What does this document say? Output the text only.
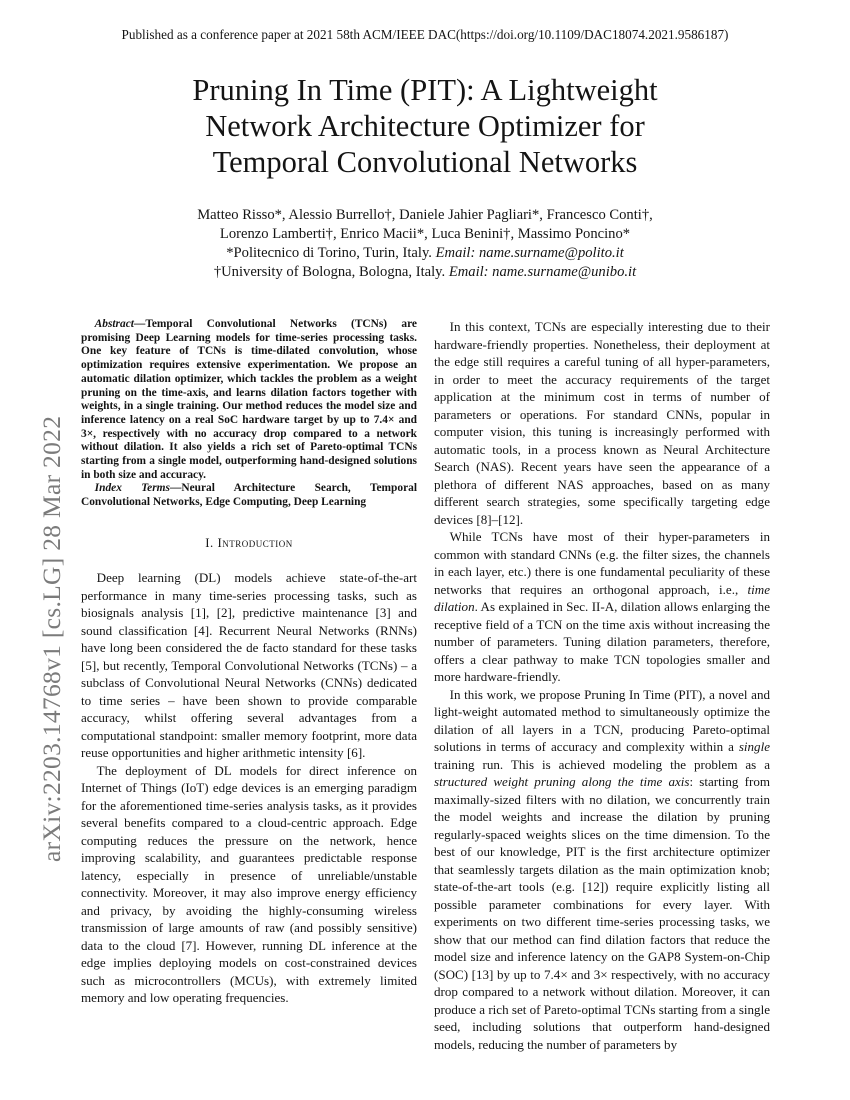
Published as a conference paper at 2021 58th ACM/IEEE DAC(https://doi.org/10.1109/DAC18074.2021.9586187)
arXiv:2203.14768v1 [cs.LG] 28 Mar 2022
Pruning In Time (PIT): A Lightweight
Network Architecture Optimizer for
Temporal Convolutional Networks
Matteo Risso*, Alessio Burrello†, Daniele Jahier Pagliari*, Francesco Conti†,
Lorenzo Lamberti†, Enrico Macii*, Luca Benini†, Massimo Poncino*
*Politecnico di Torino, Turin, Italy. Email: name.surname@polito.it
†University of Bologna, Bologna, Italy. Email: name.surname@unibo.it

Abstract—Temporal Convolutional Networks (TCNs) are promising Deep Learning models for time-series processing tasks. One key feature of TCNs is time-dilated convolution, whose optimization requires extensive experimentation. We propose an automatic dilation optimizer, which tackles the problem as a weight pruning on the time-axis, and learns dilation factors together with weights, in a single training. Our method reduces the model size and inference latency on a real SoC hardware target by up to 7.4× and 3×, respectively with no accuracy drop compared to a network without dilation. It also yields a rich set of Pareto-optimal TCNs starting from a single model, outperforming hand-designed solutions in both size and accuracy.

Index Terms—Neural Architecture Search, Temporal Convolutional Networks, Edge Computing, Deep Learning

I. Introduction

Deep learning (DL) models achieve state-of-the-art performance in many time-series processing tasks, such as biosignals analysis [1], [2], predictive maintenance [3] and sound classification [4]. Recurrent Neural Networks (RNNs) have long been considered the de facto standard for these tasks [5], but recently, Temporal Convolutional Networks (TCNs) – a subclass of Convolutional Neural Networks (CNNs) dedicated to time series – have been shown to provide comparable accuracy, whilst offering several advantages from a computational standpoint: smaller memory footprint, more data reuse opportunities and higher arithmetic intensity [6].

The deployment of DL models for direct inference on Internet of Things (IoT) edge devices is an emerging paradigm for the aforementioned time-series analysis tasks, as it provides several benefits compared to a cloud-centric approach. Edge computing reduces the pressure on the network, hence improving scalability, and guarantees predictable response latency, especially in presence of unreliable/unstable connectivity. Moreover, it may also improve energy efficiency and privacy, by avoiding the highly-consuming wireless transmission of large amounts of raw (and possibly sensitive) data to the cloud [7]. However, running DL inference at the edge implies deploying models on cost-constrained devices such as microcontrollers (MCUs), with extremely limited memory and low operating frequencies.

In this context, TCNs are especially interesting due to their hardware-friendly properties. Nonetheless, their deployment at the edge still requires a careful tuning of all hyper-parameters, in order to meet the accuracy requirements of the target application at the minimum cost in terms of number of parameters or operations. For standard CNNs, popular in computer vision, this tuning is increasingly performed with automatic tools, in a process known as Neural Architecture Search (NAS). Recent years have seen the appearance of a plethora of different NAS approaches, based on as many different search strategies, some specifically targeting edge devices [8]–[12].

While TCNs have most of their hyper-parameters in common with standard CNNs (e.g. the filter sizes, the channels in each layer, etc.) there is one fundamental peculiarity of these networks that requires an orthogonal approach, i.e., time dilation. As explained in Sec. II-A, dilation allows enlarging the receptive field of a TCN on the time axis without increasing the number of parameters. Tuning dilation parameters, therefore, offers a clear pathway to make TCN topologies smaller and more hardware-friendly.

In this work, we propose Pruning In Time (PIT), a novel and light-weight automated method to simultaneously optimize the dilation of all layers in a TCN, producing Pareto-optimal solutions in terms of accuracy and complexity within a single training run. This is achieved modeling the problem as a structured weight pruning along the time axis: starting from maximally-sized filters with no dilation, we concurrently train the model weights and increase the dilation by pruning regularly-spaced weights slices on the time dimension. To the best of our knowledge, PIT is the first architecture optimizer that seamlessly targets dilation as the main optimization knob; state-of-the-art tools (e.g. [12]) require explicitly listing all possible parameter combinations for every layer. With experiments on two different time-series processing tasks, we show that our method can find dilation factors that reduce the model size and inference latency on the GAP8 System-on-Chip (SOC) [13] by up to 7.4× and 3× respectively, with no accuracy drop compared to a network without dilation. Moreover, it can produce a rich set of Pareto-optimal TCNs starting from a single seed, including solutions that outperform hand-designed models, reducing the number of parameters by
